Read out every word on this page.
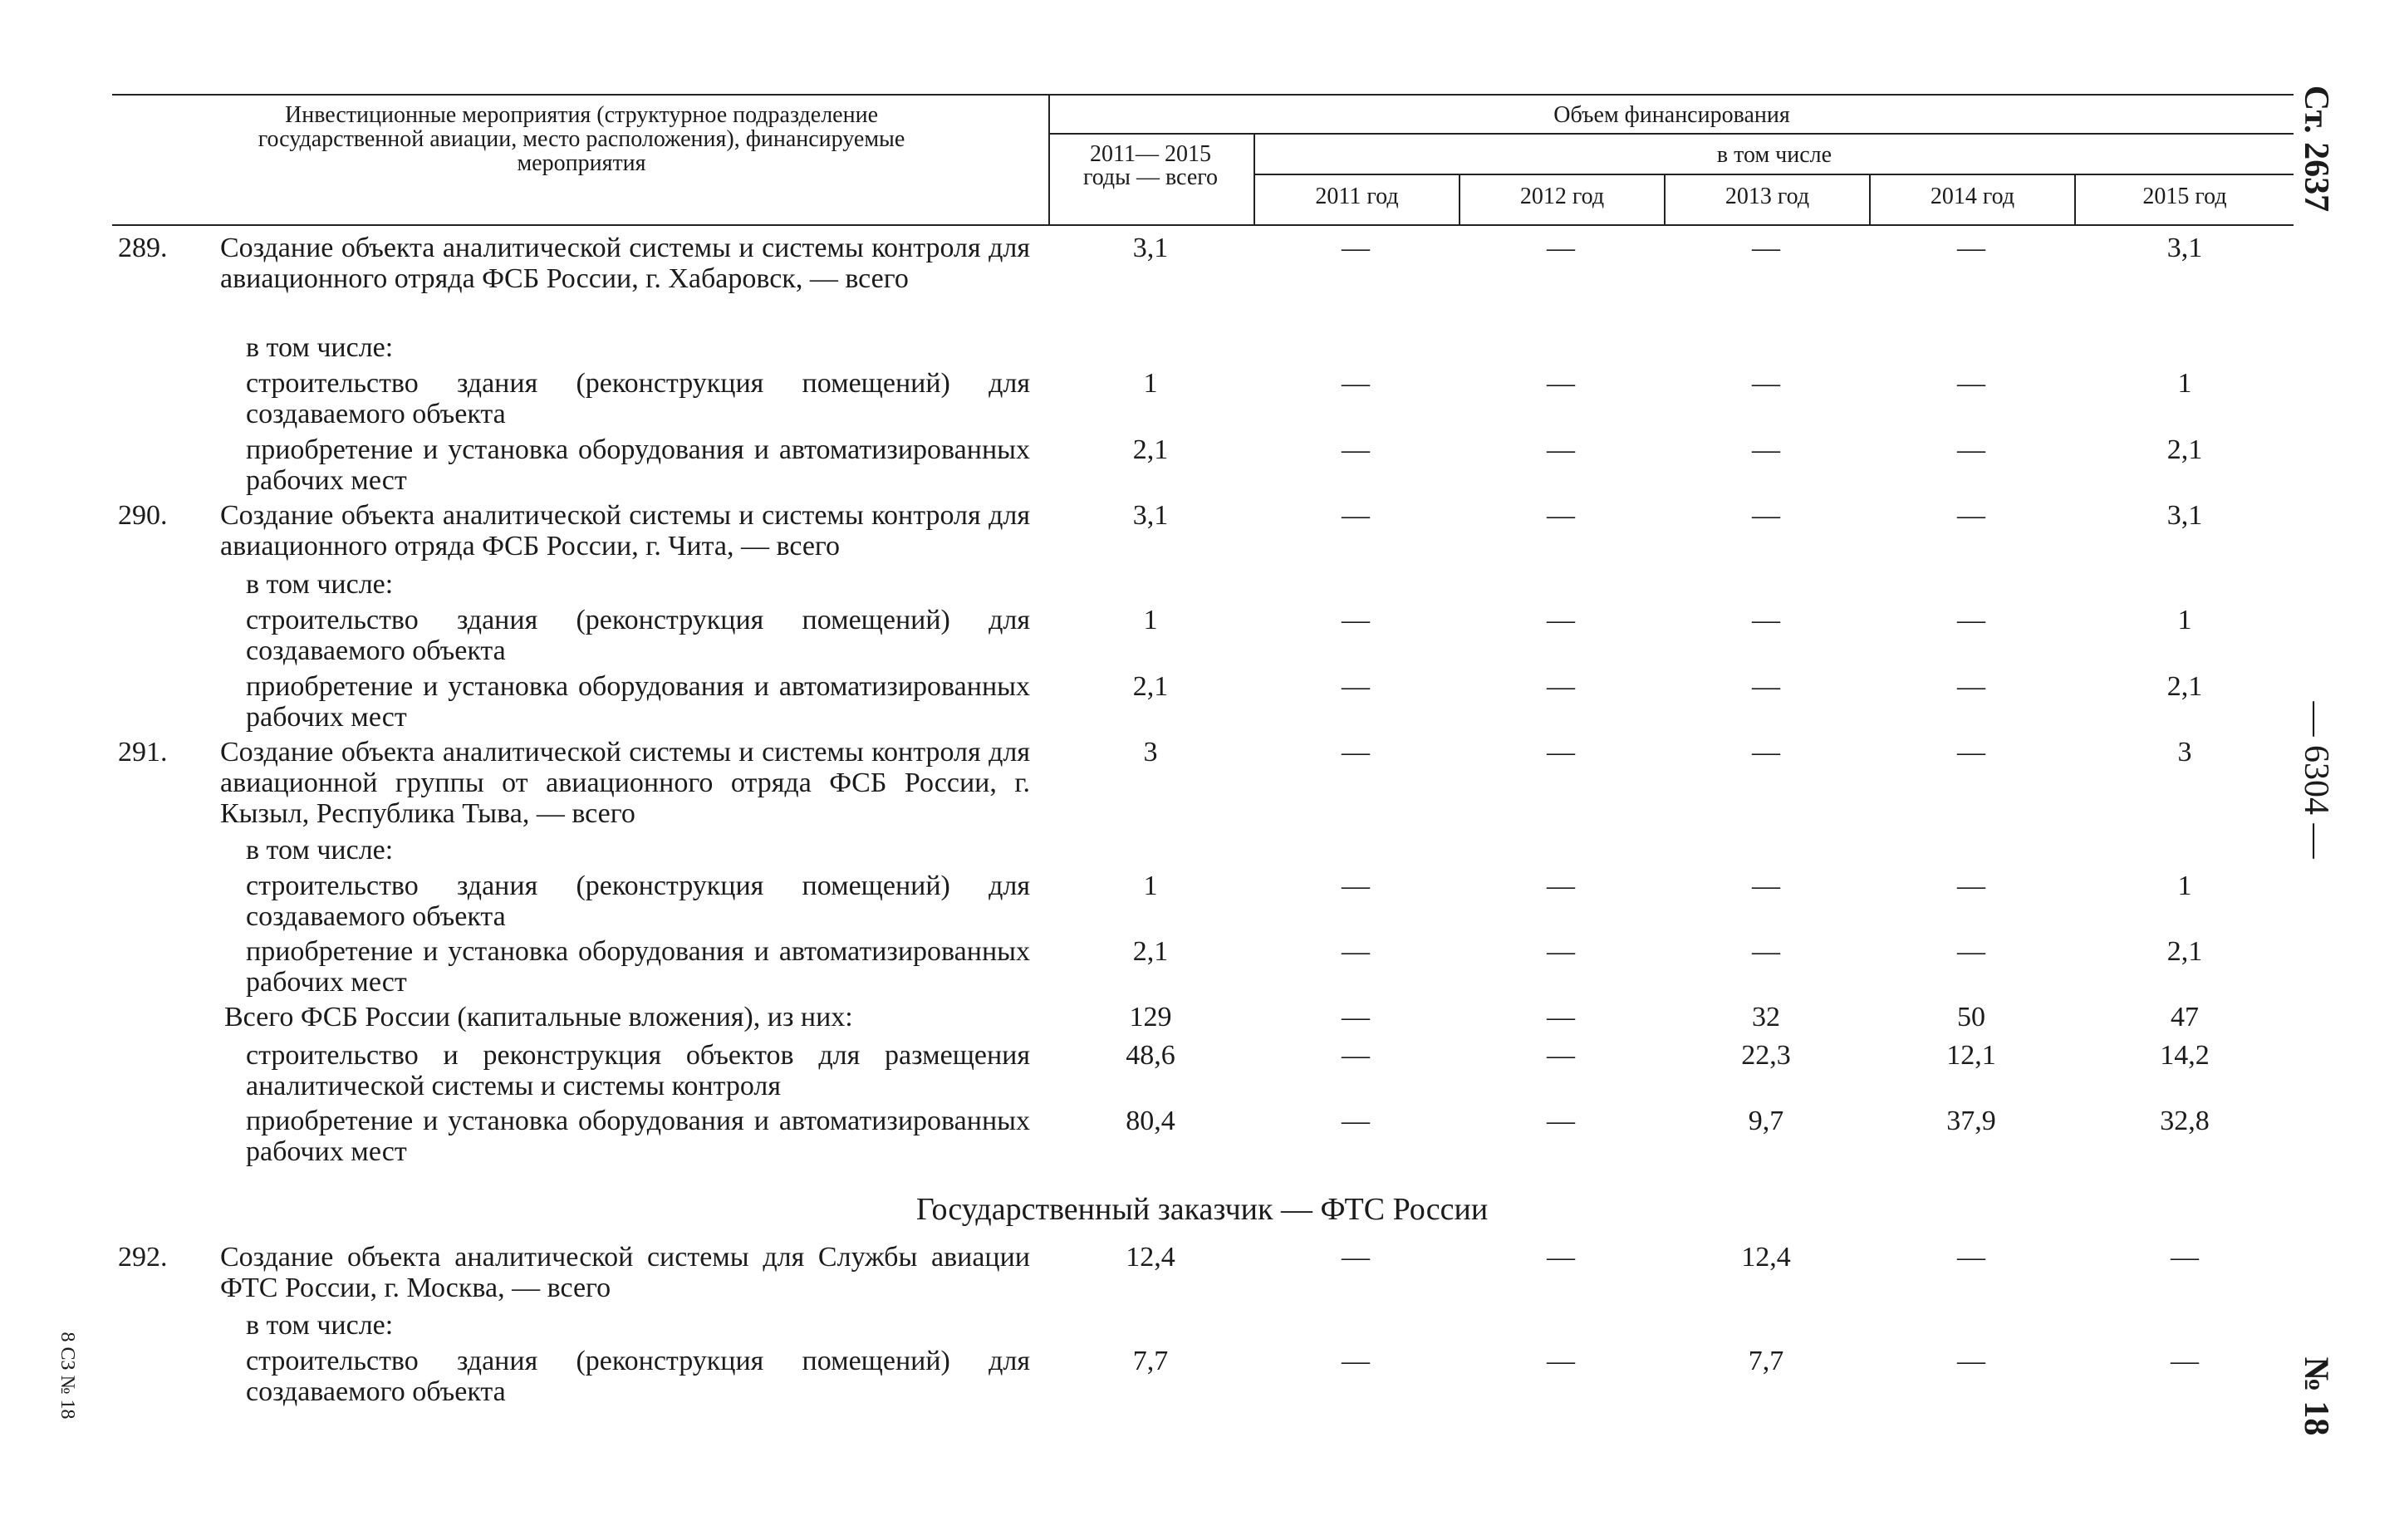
Инвестиционные мероприятия (структурное подразделение государственной авиации, место расположения), финансируемые мероприятия
Объем финансирования
2011— 2015 годы — всего
в том числе
2011 год	2012 год	2013 год	2014 год	2015 год
289.	Создание объекта аналитической системы и системы контроля для авиационного отряда ФСБ России, г. Хабаровск, — всего
3,1	—	—	—	—	3,1
в том числе:
строительство здания (реконструкция помещений) для создаваемого объекта
1	—	—	—	—	1
приобретение и установка оборудования и автоматизированных рабочих мест
2,1	—	—	—	—	2,1
290.	Создание объекта аналитической системы и системы контроля для авиационного отряда ФСБ России, г. Чита, — всего
3,1	—	—	—	—	3,1
в том числе:
строительство здания (реконструкция помещений) для создаваемого объекта
1	—	—	—	—	1
приобретение и установка оборудования и автоматизированных рабочих мест
2,1	—	—	—	—	2,1
291.	Создание объекта аналитической системы и системы контроля для авиационной группы от авиационного отряда ФСБ России, г. Кызыл, Республика Тыва, — всего
3	—	—	—	—	3
в том числе:
строительство здания (реконструкция помещений) для создаваемого объекта
1	—	—	—	—	1
приобретение и установка оборудования и автоматизированных рабочих мест
2,1	—	—	—	—	2,1
Всего ФСБ России (капитальные вложения), из них:	129	—	—	32	50	47
строительство и реконструкция объектов для размещения аналитической системы и системы контроля
48,6	—	—	22,3	12,1	14,2
приобретение и установка оборудования и автоматизированных рабочих мест
80,4	—	—	9,7	37,9	32,8
292.	Создание объекта аналитической системы для Службы авиации ФТС России, г. Москва, — всего
12,4	—	—	12,4	—	—
в том числе:
строительство здания (реконструкция помещений) для создаваемого объекта
7,7	—	—	7,7	—	—
Государственный заказчик — ФТС России
Ст. 2637
— 6304 —
№ 18
8 СЗ № 18
